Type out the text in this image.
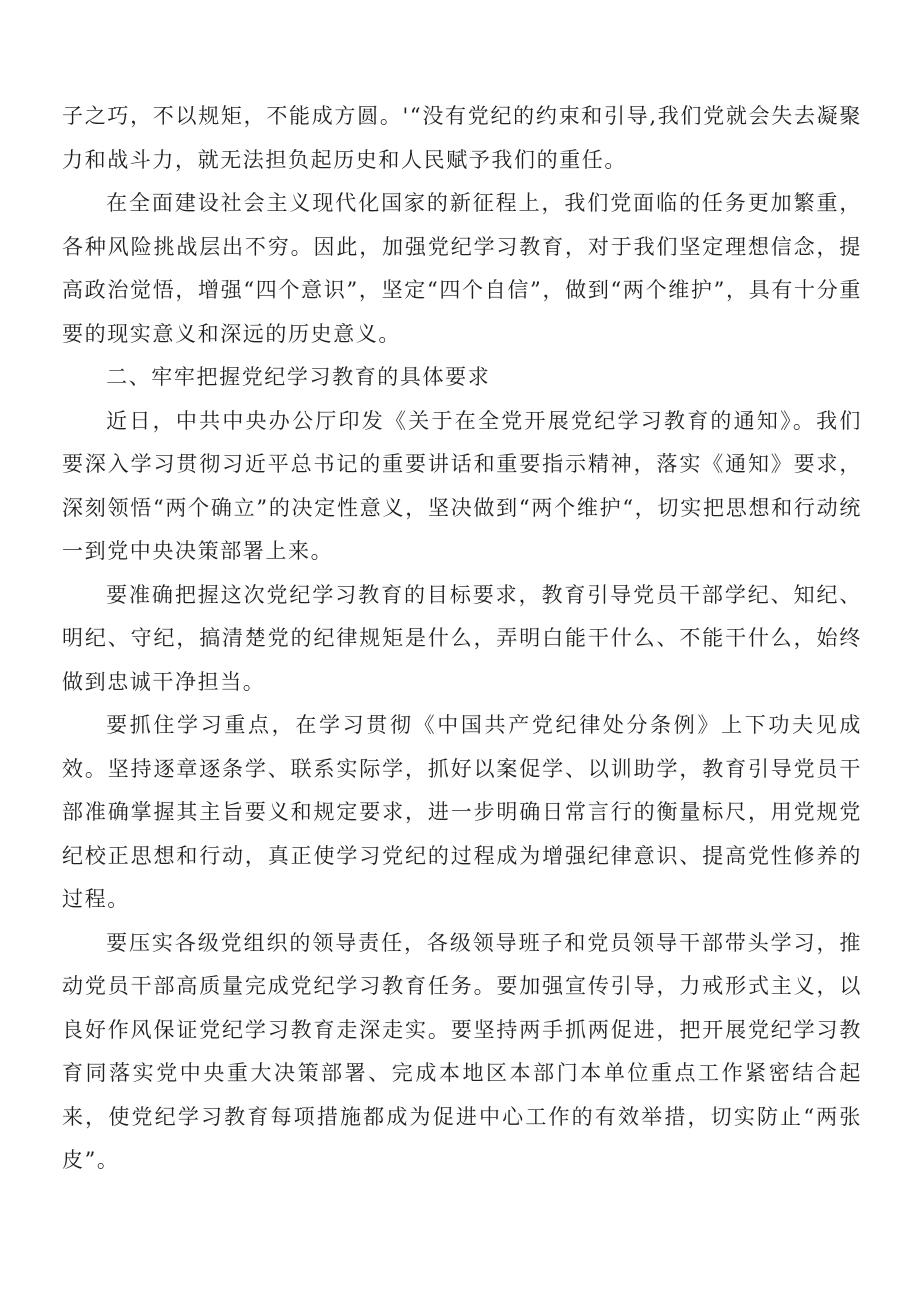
子之巧，不以规矩，不能成方圆。'“没有党纪的约束和引导,我们党就会失去凝聚力和战斗力，就无法担负起历史和人民赋予我们的重任。

在全面建设社会主义现代化国家的新征程上，我们党面临的任务更加繁重，各种风险挑战层出不穷。因此，加强党纪学习教育，对于我们坚定理想信念，提高政治觉悟，增强“四个意识”，坚定“四个自信”，做到“两个维护”，具有十分重要的现实意义和深远的历史意义。

二、牢牢把握党纪学习教育的具体要求

近日，中共中央办公厅印发《关于在全党开展党纪学习教育的通知》。我们要深入学习贯彻习近平总书记的重要讲话和重要指示精神，落实《通知》要求，深刻领悟“两个确立”的决定性意义，坚决做到“两个维护“，切实把思想和行动统一到党中央决策部署上来。

要准确把握这次党纪学习教育的目标要求，教育引导党员干部学纪、知纪、明纪、守纪，搞清楚党的纪律规矩是什么，弄明白能干什么、不能干什么，始终做到忠诚干净担当。

要抓住学习重点，在学习贯彻《中国共产党纪律处分条例》上下功夫见成效。坚持逐章逐条学、联系实际学，抓好以案促学、以训助学，教育引导党员干部准确掌握其主旨要义和规定要求，进一步明确日常言行的衡量标尺，用党规党纪校正思想和行动，真正使学习党纪的过程成为增强纪律意识、提高党性修养的过程。

要压实各级党组织的领导责任，各级领导班子和党员领导干部带头学习，推动党员干部高质量完成党纪学习教育任务。要加强宣传引导，力戒形式主义，以良好作风保证党纪学习教育走深走实。要坚持两手抓两促进，把开展党纪学习教育同落实党中央重大决策部署、完成本地区本部门本单位重点工作紧密结合起来，使党纪学习教育每项措施都成为促进中心工作的有效举措，切实防止“两张皮”。
